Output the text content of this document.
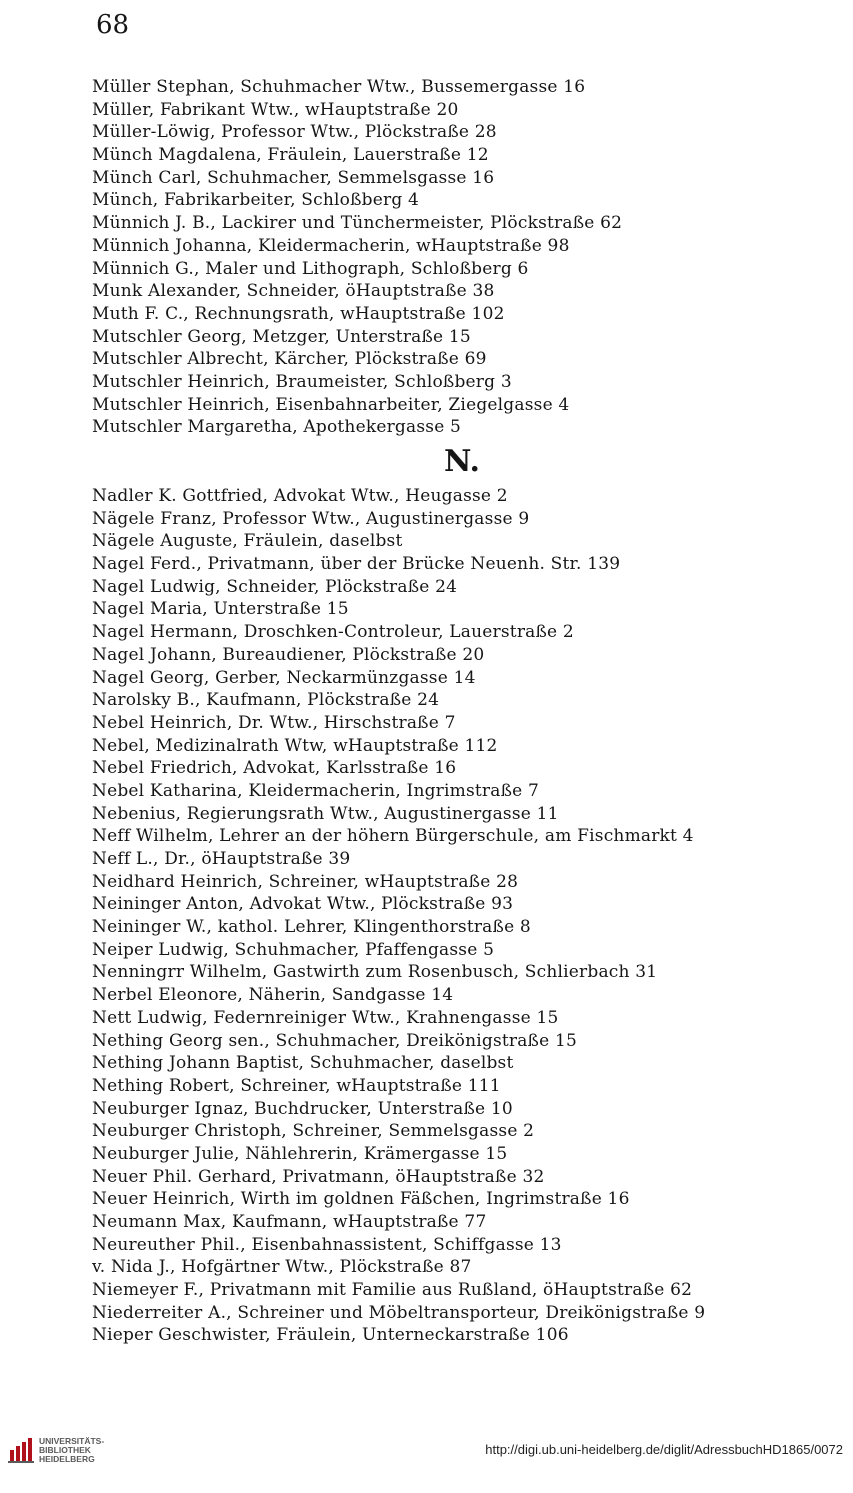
68
Müller Stephan, Schuhmacher Wtw., Bussemergasse 16
Müller, Fabrikant Wtw., wHauptstraße 20
Müller-Löwig, Professor Wtw., Plöckstraße 28
Münch Magdalena, Fräulein, Lauerstraße 12
Münch Carl, Schuhmacher, Semmelsgasse 16
Münch, Fabrikarbeiter, Schloßberg 4
Münnich J. B., Lackirer und Tünchermeister, Plöckstraße 62
Münnich Johanna, Kleidermacherin, wHauptstraße 98
Münnich G., Maler und Lithograph, Schloßberg 6
Munk Alexander, Schneider, öHauptstraße 38
Muth F. C., Rechnungsrath, wHauptstraße 102
Mutschler Georg, Metzger, Unterstraße 15
Mutschler Albrecht, Kärcher, Plöckstraße 69
Mutschler Heinrich, Braumeister, Schloßberg 3
Mutschler Heinrich, Eisenbahnarbeiter, Ziegelgasse 4
Mutschler Margaretha, Apothekergasse 5
N.
Nadler K. Gottfried, Advokat Wtw., Heugasse 2
Nägele Franz, Professor Wtw., Augustinergasse 9
Nägele Auguste, Fräulein, daselbst
Nagel Ferd., Privatmann, über der Brücke Neuenh. Str. 139
Nagel Ludwig, Schneider, Plöckstraße 24
Nagel Maria, Unterstraße 15
Nagel Hermann, Droschken-Controleur, Lauerstraße 2
Nagel Johann, Bureaudiener, Plöckstraße 20
Nagel Georg, Gerber, Neckarmünzgasse 14
Narolsky B., Kaufmann, Plöckstraße 24
Nebel Heinrich, Dr. Wtw., Hirschstraße 7
Nebel, Medizinalrath Wtw, wHauptstraße 112
Nebel Friedrich, Advokat, Karlsstraße 16
Nebel Katharina, Kleidermacherin, Ingrimstraße 7
Nebenius, Regierungsrath Wtw., Augustinergasse 11
Neff Wilhelm, Lehrer an der höhern Bürgerschule, am Fischmarkt 4
Neff L., Dr., öHauptstraße 39
Neidhard Heinrich, Schreiner, wHauptstraße 28
Neininger Anton, Advokat Wtw., Plöckstraße 93
Neininger W., kathol. Lehrer, Klingenthorstraße 8
Neiper Ludwig, Schuhmacher, Pfaffengasse 5
Nenningrr Wilhelm, Gastwirth zum Rosenbusch, Schlierbach 31
Nerbel Eleonore, Näherin, Sandgasse 14
Nett Ludwig, Federnreiniger Wtw., Krahnengasse 15
Nething Georg sen., Schuhmacher, Dreikönigstraße 15
Nething Johann Baptist, Schuhmacher, daselbst
Nething Robert, Schreiner, wHauptstraße 111
Neuburger Ignaz, Buchdrucker, Unterstraße 10
Neuburger Christoph, Schreiner, Semmelsgasse 2
Neuburger Julie, Nählehrerin, Krämergasse 15
Neuer Phil. Gerhard, Privatmann, öHauptstraße 32
Neuer Heinrich, Wirth im goldnen Fäßchen, Ingrimstraße 16
Neumann Max, Kaufmann, wHauptstraße 77
Neureuther Phil., Eisenbahnassistent, Schiffgasse 13
v. Nida J., Hofgärtner Wtw., Plöckstraße 87
Niemeyer F., Privatmann mit Familie aus Rußland, öHauptstraße 62
Niederreiter A., Schreiner und Möbeltransporteur, Dreikönigstraße 9
Nieper Geschwister, Fräulein, Unterneckarstraße 106
UNIVERSITÄTS-
BIBLIOTHEK
HEIDELBERG
http://digi.ub.uni-heidelberg.de/diglit/AdressbuchHD1865/0072
